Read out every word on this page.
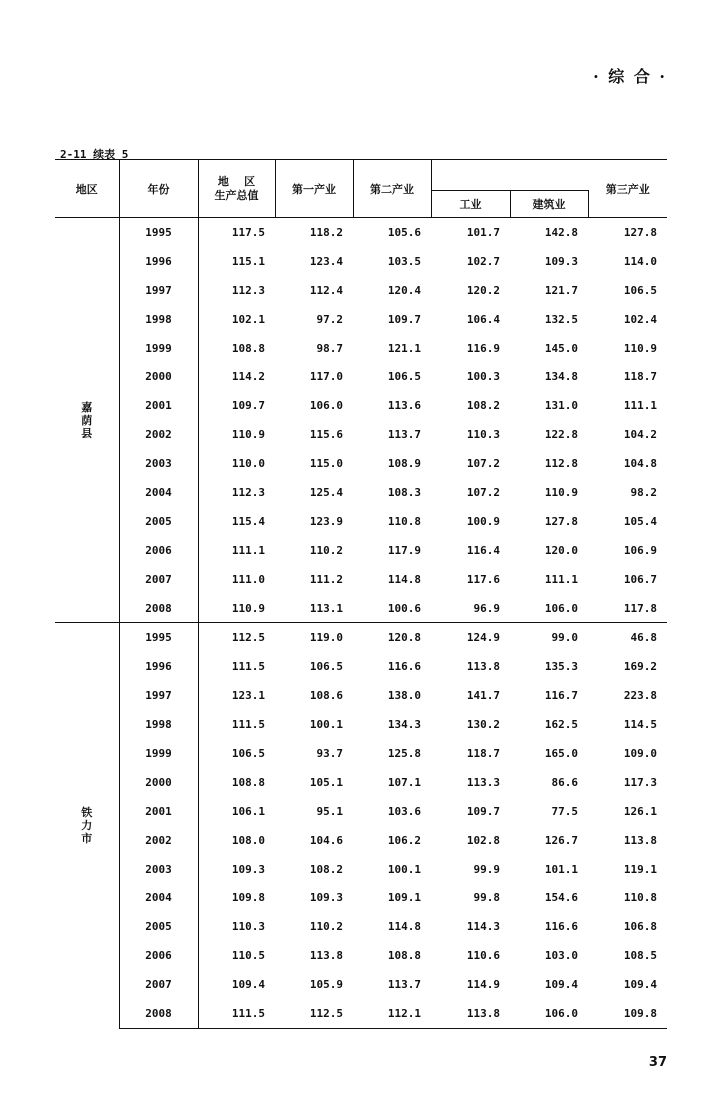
· 综 合 ·
2-11 续表 5
地区	年份	地    区
生产总值	第一产业	第二产业			第三产业
					工业	建筑业	
嘉荫县	1995	117.5	118.2	105.6	101.7	142.8	127.8
	1996	115.1	123.4	103.5	102.7	109.3	114.0
	1997	112.3	112.4	120.4	120.2	121.7	106.5
	1998	102.1	97.2	109.7	106.4	132.5	102.4
	1999	108.8	98.7	121.1	116.9	145.0	110.9
	2000	114.2	117.0	106.5	100.3	134.8	118.7
	2001	109.7	106.0	113.6	108.2	131.0	111.1
	2002	110.9	115.6	113.7	110.3	122.8	104.2
	2003	110.0	115.0	108.9	107.2	112.8	104.8
	2004	112.3	125.4	108.3	107.2	110.9	98.2
	2005	115.4	123.9	110.8	100.9	127.8	105.4
	2006	111.1	110.2	117.9	116.4	120.0	106.9
	2007	111.0	111.2	114.8	117.6	111.1	106.7
	2008	110.9	113.1	100.6	96.9	106.0	117.8
铁力市	1995	112.5	119.0	120.8	124.9	99.0	46.8
	1996	111.5	106.5	116.6	113.8	135.3	169.2
	1997	123.1	108.6	138.0	141.7	116.7	223.8
	1998	111.5	100.1	134.3	130.2	162.5	114.5
	1999	106.5	93.7	125.8	118.7	165.0	109.0
	2000	108.8	105.1	107.1	113.3	86.6	117.3
	2001	106.1	95.1	103.6	109.7	77.5	126.1
	2002	108.0	104.6	106.2	102.8	126.7	113.8
	2003	109.3	108.2	100.1	99.9	101.1	119.1
	2004	109.8	109.3	109.1	99.8	154.6	110.8
	2005	110.3	110.2	114.8	114.3	116.6	106.8
	2006	110.5	113.8	108.8	110.6	103.0	108.5
	2007	109.4	105.9	113.7	114.9	109.4	109.4
	2008	111.5	112.5	112.1	113.8	106.0	109.8
37
